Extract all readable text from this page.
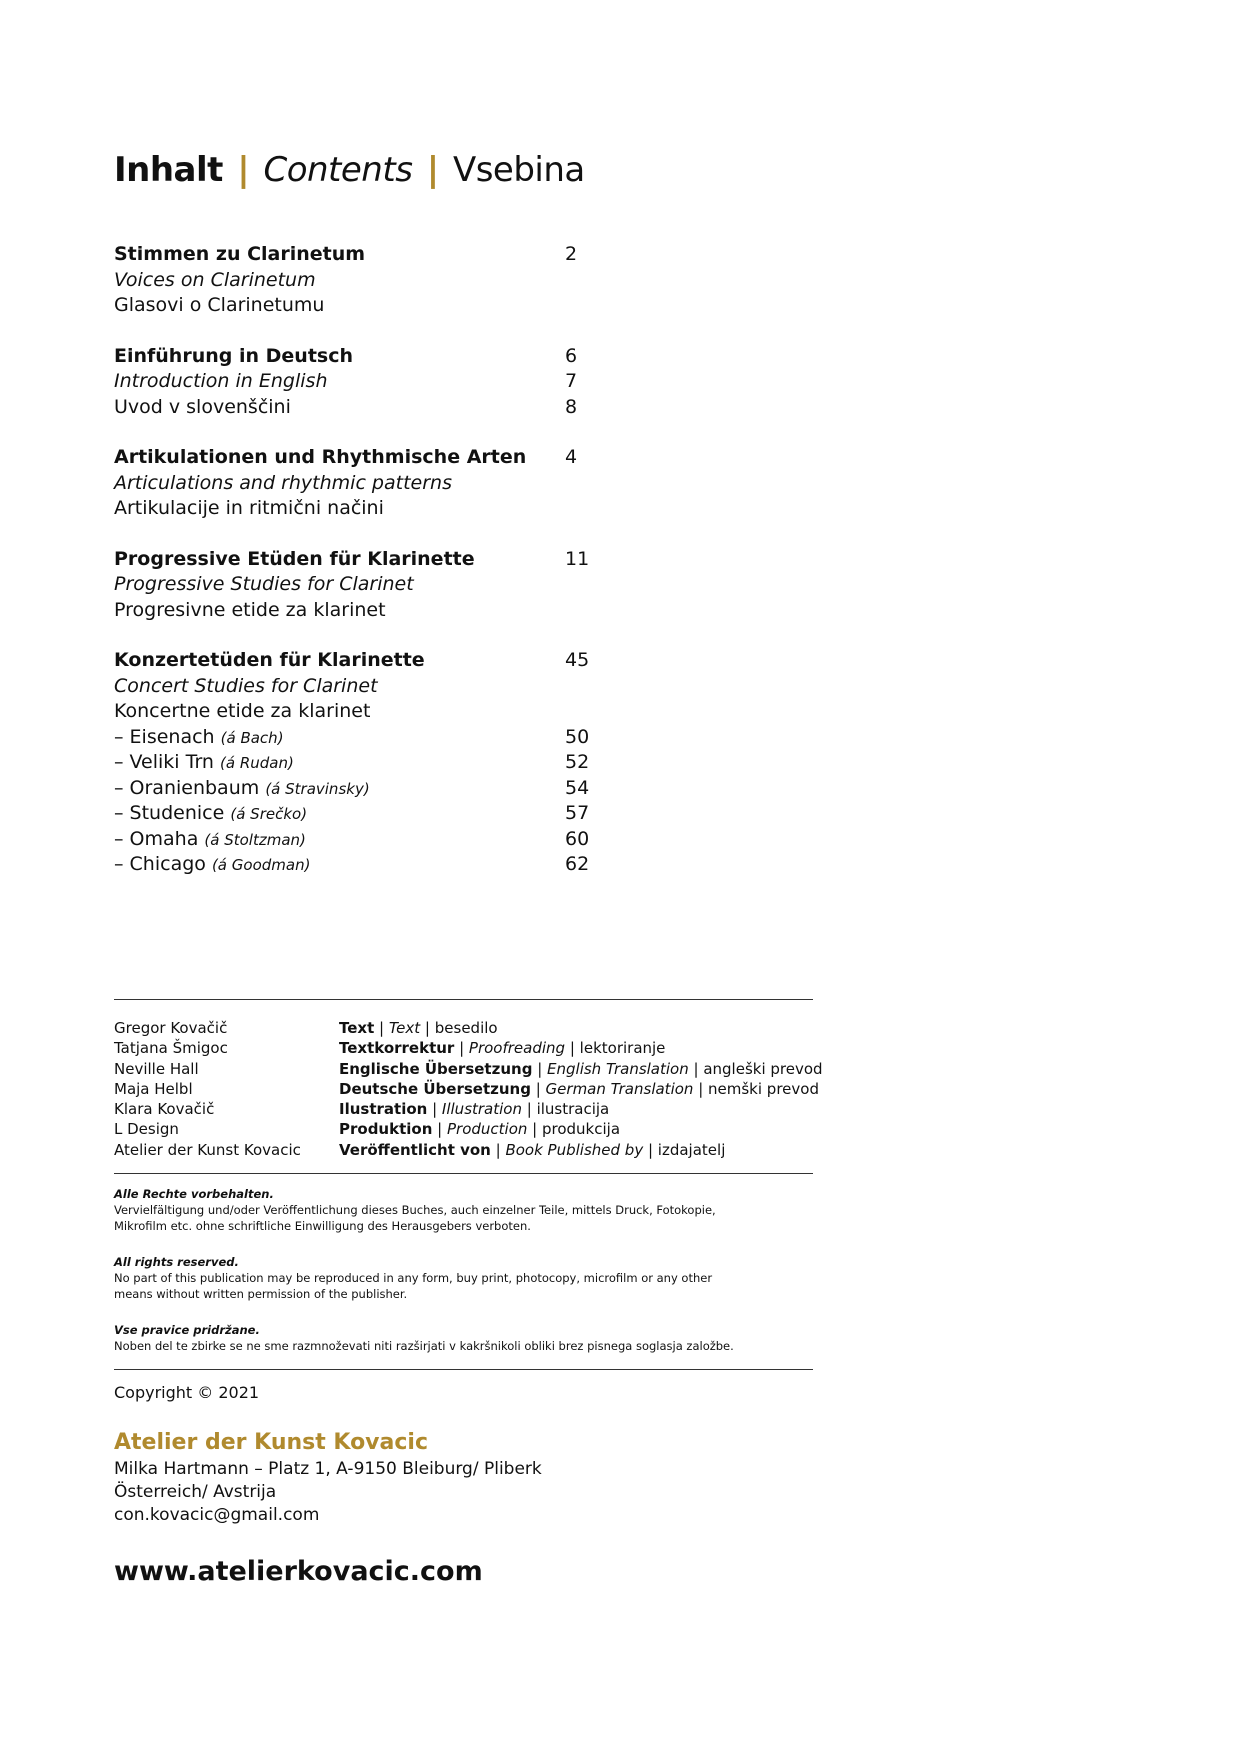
Inhalt | Contents | Vsebina
Stimmen zu Clarinetum	2
Voices on Clarinetum
Glasovi o Clarinetumu
Einführung in Deutsch	6
Introduction in English	7
Uvod v slovenščini	8
Artikulationen und Rhythmische Arten 4
Articulations and rhythmic patterns
Artikulacije in ritmični načini
Progressive Etüden für Klarinette	11
Progressive Studies for Clarinet
Progresivne etide za klarinet
Konzertetüden für Klarinette	45
Concert Studies for Clarinet
Koncertne etide za klarinet
– Eisenach (á Bach)	50
– Veliki Trn (á Rudan)	52
– Oranienbaum (á Stravinsky)	54
– Studenice (á Srečko)	57
– Omaha (á Stoltzman)	60
– Chicago (á Goodman)	62
Gregor Kovačič	Text | Text | besedilo
Tatjana Šmigoc	Textkorrektur | Proofreading | lektoriranje
Neville Hall	Englische Übersetzung | English Translation | angleški prevod
Maja Helbl	Deutsche Übersetzung | German Translation | nemški prevod
Klara Kovačič	Ilustration | Illustration | ilustracija
L Design	Produktion | Production | produkcija
Atelier der Kunst Kovacic	Veröffentlicht von | Book Published by | izdajatelj
Alle Rechte vorbehalten.
Vervielfältigung und/oder Veröffentlichung dieses Buches, auch einzelner Teile, mittels Druck, Fotokopie,
Mikrofilm etc. ohne schriftliche Einwilligung des Herausgebers verboten.
All rights reserved.
No part of this publication may be reproduced in any form, buy print, photocopy, microfilm or any other
means without written permission of the publisher.
Vse pravice pridržane.
Noben del te zbirke se ne sme razmnoževati niti razširjati v kakršnikoli obliki brez pisnega soglasja založbe.
Copyright © 2021
Atelier der Kunst Kovacic
Milka Hartmann – Platz 1, A-9150 Bleiburg/ Pliberk
Österreich/ Avstrija
con.kovacic@gmail.com
www.atelierkovacic.com
